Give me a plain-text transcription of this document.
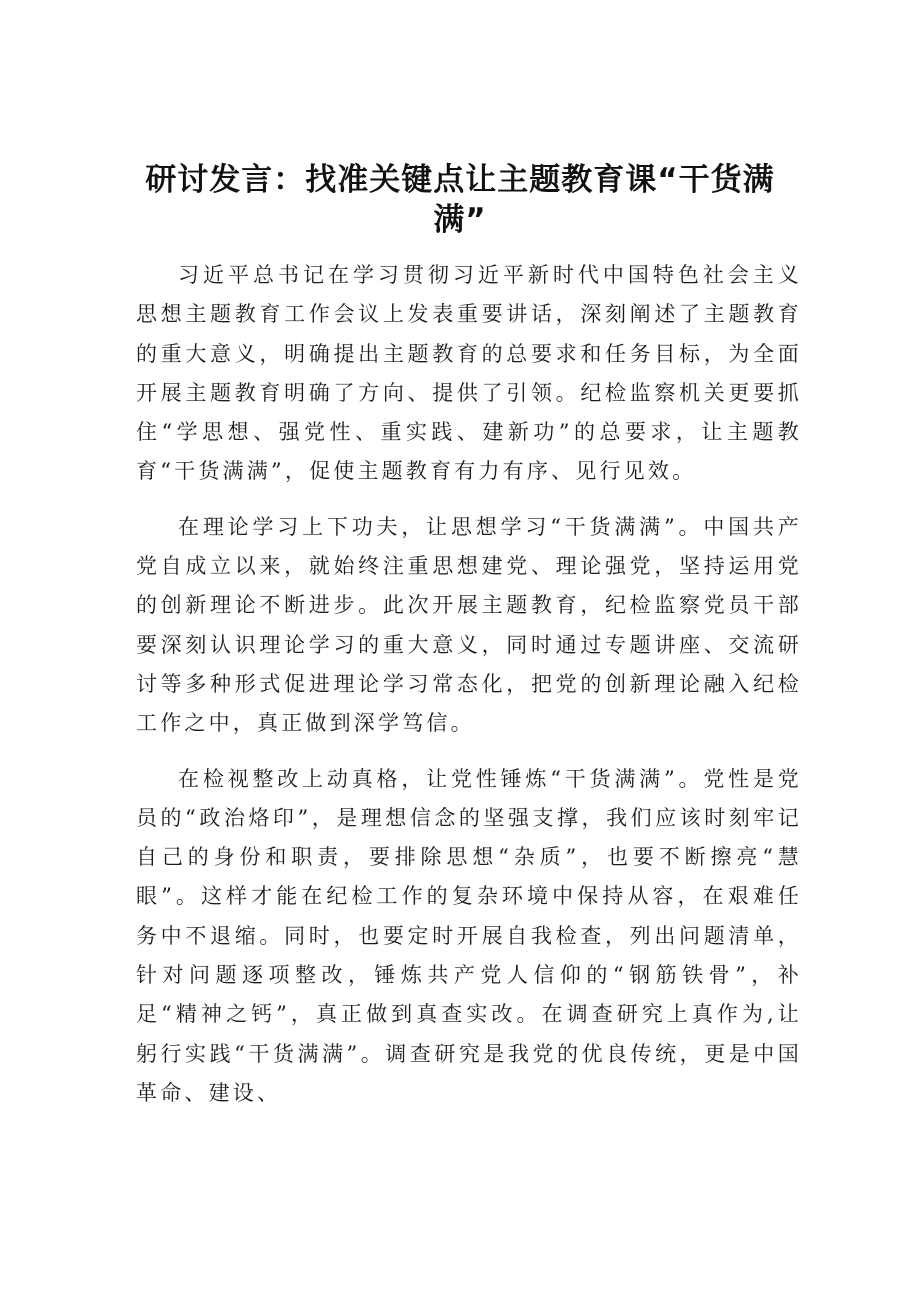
研讨发言：找准关键点让主题教育课“干货满满”

习近平总书记在学习贯彻习近平新时代中国特色社会主义思想主题教育工作会议上发表重要讲话，深刻阐述了主题教育的重大意义，明确提出主题教育的总要求和任务目标，为全面开展主题教育明确了方向、提供了引领。纪检监察机关更要抓住“学思想、强党性、重实践、建新功”的总要求，让主题教育“干货满满”，促使主题教育有力有序、见行见效。

在理论学习上下功夫，让思想学习“干货满满”。中国共产党自成立以来，就始终注重思想建党、理论强党，坚持运用党的创新理论不断进步。此次开展主题教育，纪检监察党员干部要深刻认识理论学习的重大意义，同时通过专题讲座、交流研讨等多种形式促进理论学习常态化，把党的创新理论融入纪检工作之中，真正做到深学笃信。

在检视整改上动真格，让党性锤炼“干货满满”。党性是党员的“政治烙印”，是理想信念的坚强支撑，我们应该时刻牢记自己的身份和职责，要排除思想“杂质”，也要不断擦亮“慧眼”。这样才能在纪检工作的复杂环境中保持从容，在艰难任务中不退缩。同时，也要定时开展自我检查，列出问题清单，针对问题逐项整改，锤炼共产党人信仰的“钢筋铁骨”，补足“精神之钙”，真正做到真查实改。在调查研究上真作为,让躬行实践“干货满满”。调查研究是我党的优良传统，更是中国革命、建设、
